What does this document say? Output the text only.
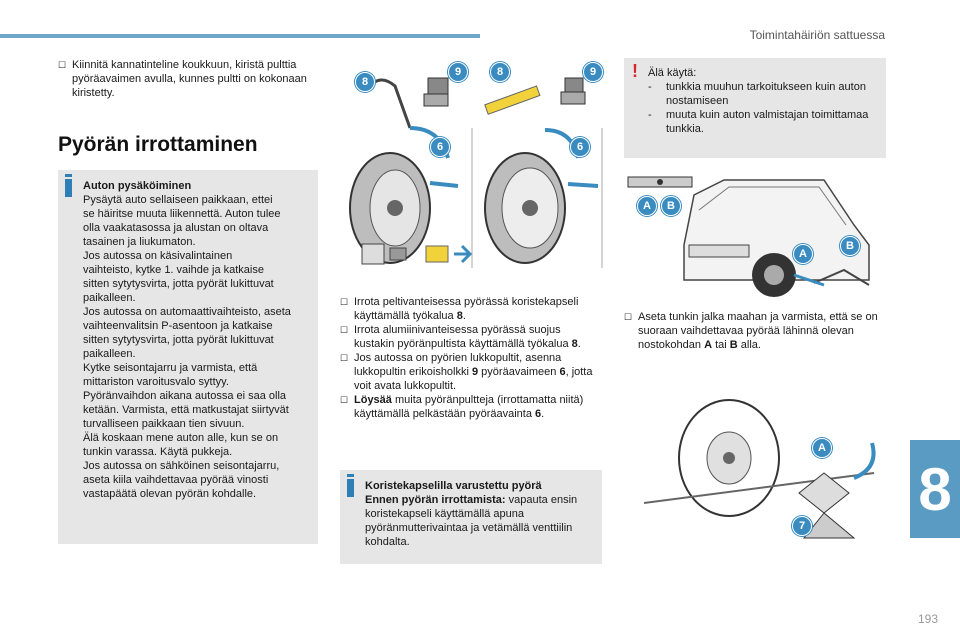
Toimintahäiriön sattuessa
8
193
☐ Kiinnitä kannatinteline koukkuun, kiristä pulttia pyöräavaimen avulla, kunnes pultti on kokonaan kiristetty.
Pyörän irrottaminen
Auton pysäköiminen
Pysäytä auto sellaiseen paikkaan, ettei
se häiritse muuta liikennettä. Auton tulee
olla vaakatasossa ja alustan on oltava
tasainen ja liukumaton.
Jos autossa on käsivalintainen
vaihteisto, kytke 1. vaihde ja katkaise
sitten sytytysvirta, jotta pyörät lukittuvat
paikalleen.
Jos autossa on automaattivaihteisto, aseta
vaihteenvalitsin P-asentoon ja katkaise
sitten sytytysvirta, jotta pyörät lukittuvat
paikalleen.
Kytke seisontajarru ja varmista, että
mittariston varoitusvalo syttyy.
Pyöränvaihdon aikana autossa ei saa olla
ketään. Varmista, että matkustajat siirtyvät
turvalliseen paikkaan tien sivuun.
Älä koskaan mene auton alle, kun se on
tunkin varassa. Käytä pukkeja.
Jos autossa on sähköinen seisontajarru,
aseta kiila vaihdettavaa pyörää vinosti
vastapäätä olevan pyörän kohdalle.
8
9	8	9
6	6
☐ Irrota peltivanteisessa pyörässä koristekapseli käyttämällä työkalua 8.
☐ Irrota alumiinivanteisessa pyörässä suojus kustakin pyöränpultista käyttämällä työkalua 8.
☐ Jos autossa on pyörien lukkopultit, asenna lukkopultin erikoisholkki 9 pyöräavaimeen 6, jotta voit avata lukkopultit.
☐ Löysää muita pyöränpultteja (irrottamatta niitä) käyttämällä pelkästään pyöräavainta 6.
Koristekapselilla varustettu pyörä
Ennen pyörän irrottamista: vapauta ensin koristekapseli käyttämällä apuna pyöränmutterivaintaa ja vetämällä venttiilin kohdalta.
! Älä käytä:
-	tunkkia muuhun tarkoitukseen kuin auton nostamiseen
-	muuta kuin auton valmistajan toimittamaa tunkkia.
A	B
A
B
☐ Aseta tunkin jalka maahan ja varmista, että se on suoraan vaihdettavaa pyörää lähinnä olevan nostokohdan A tai B alla.
A
7
